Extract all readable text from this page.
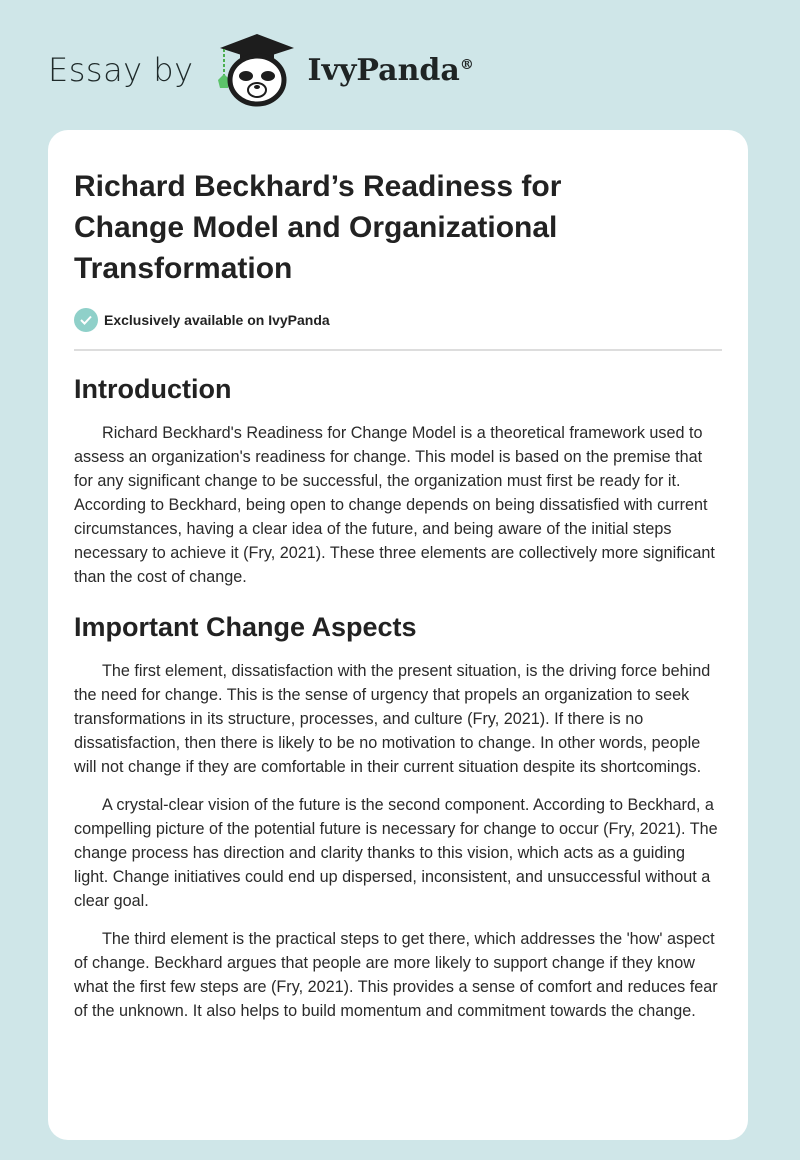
Essay by	IvyPanda®
Richard Beckhard’s Readiness for Change Model and Organizational Transformation
Exclusively available on IvyPanda
Introduction

Richard Beckhard's Readiness for Change Model is a theoretical framework used to assess an organization's readiness for change. This model is based on the premise that for any significant change to be successful, the organization must first be ready for it. According to Beckhard, being open to change depends on being dissatisfied with current circumstances, having a clear idea of the future, and being aware of the initial steps necessary to achieve it (Fry, 2021). These three elements are collectively more significant than the cost of change.

Important Change Aspects

The first element, dissatisfaction with the present situation, is the driving force behind the need for change. This is the sense of urgency that propels an organization to seek transformations in its structure, processes, and culture (Fry, 2021). If there is no dissatisfaction, then there is likely to be no motivation to change. In other words, people will not change if they are comfortable in their current situation despite its shortcomings.

A crystal-clear vision of the future is the second component. According to Beckhard, a compelling picture of the potential future is necessary for change to occur (Fry, 2021). The change process has direction and clarity thanks to this vision, which acts as a guiding light. Change initiatives could end up dispersed, inconsistent, and unsuccessful without a clear goal.

The third element is the practical steps to get there, which addresses the 'how' aspect of change. Beckhard argues that people are more likely to support change if they know what the first few steps are (Fry, 2021). This provides a sense of comfort and reduces fear of the unknown. It also helps to build momentum and commitment towards the change.
